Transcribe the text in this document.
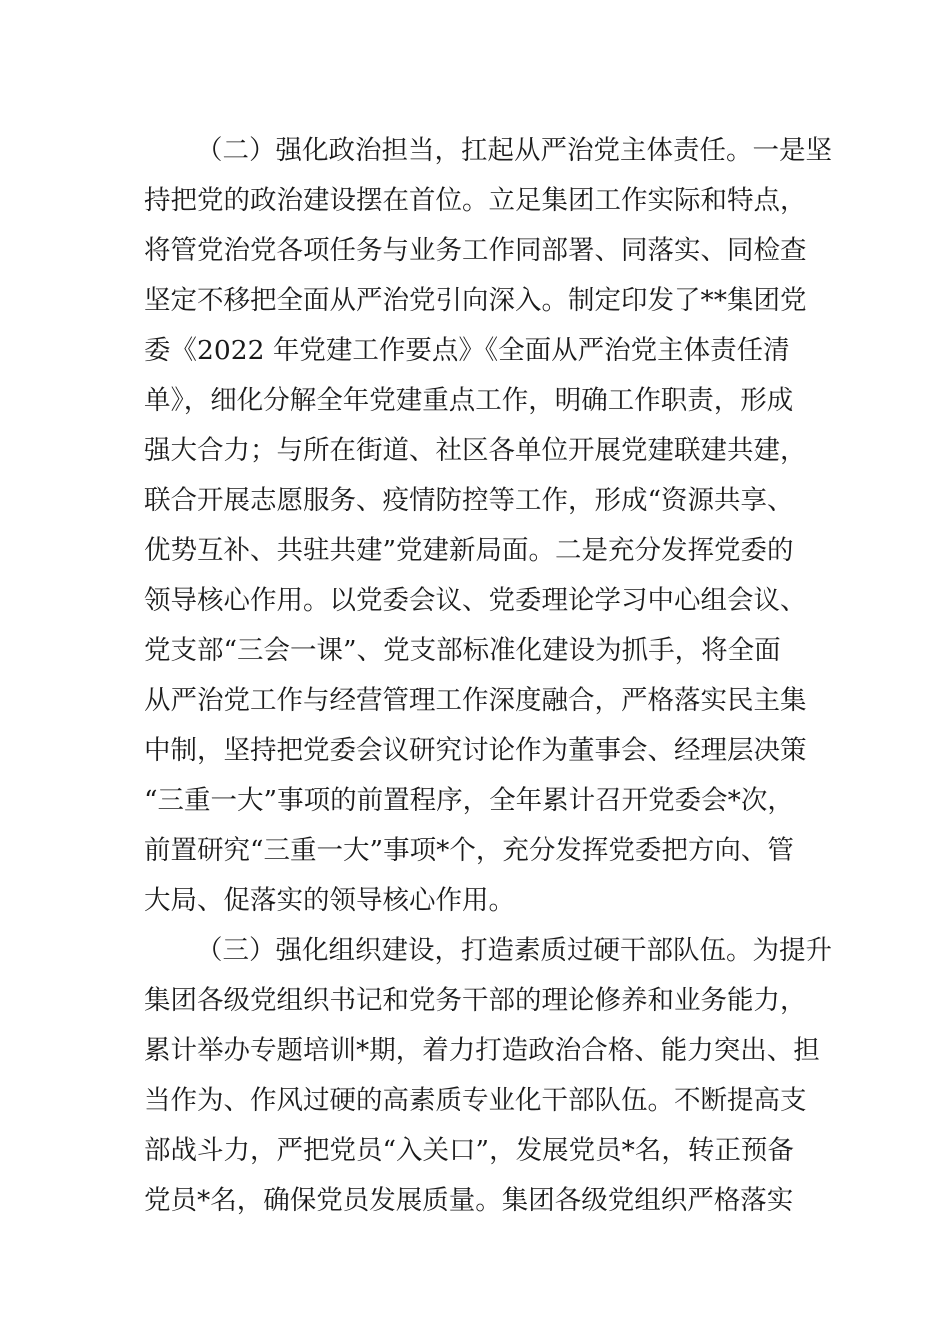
（二）强化政治担当，扛起从严治党主体责任。一是坚
持把党的政治建设摆在首位。立足集团工作实际和特点，
将管党治党各项任务与业务工作同部署、同落实、同检查
坚定不移把全面从严治党引向深入。制定印发了**集团党
委《2022 年党建工作要点》《全面从严治党主体责任清
单》，细化分解全年党建重点工作，明确工作职责，形成
强大合力；与所在街道、社区各单位开展党建联建共建，
联合开展志愿服务、疫情防控等工作，形成“资源共享、
优势互补、共驻共建”党建新局面。二是充分发挥党委的
领导核心作用。以党委会议、党委理论学习中心组会议、
党支部“三会一课”、党支部标准化建设为抓手，将全面
从严治党工作与经营管理工作深度融合，严格落实民主集
中制，坚持把党委会议研究讨论作为董事会、经理层决策
“三重一大”事项的前置程序，全年累计召开党委会*次，
前置研究“三重一大”事项*个，充分发挥党委把方向、管
大局、促落实的领导核心作用。
（三）强化组织建设，打造素质过硬干部队伍。为提升
集团各级党组织书记和党务干部的理论修养和业务能力，
累计举办专题培训*期，着力打造政治合格、能力突出、担
当作为、作风过硬的高素质专业化干部队伍。不断提高支
部战斗力，严把党员“入关口”，发展党员*名，转正预备
党员*名，确保党员发展质量。集团各级党组织严格落实
